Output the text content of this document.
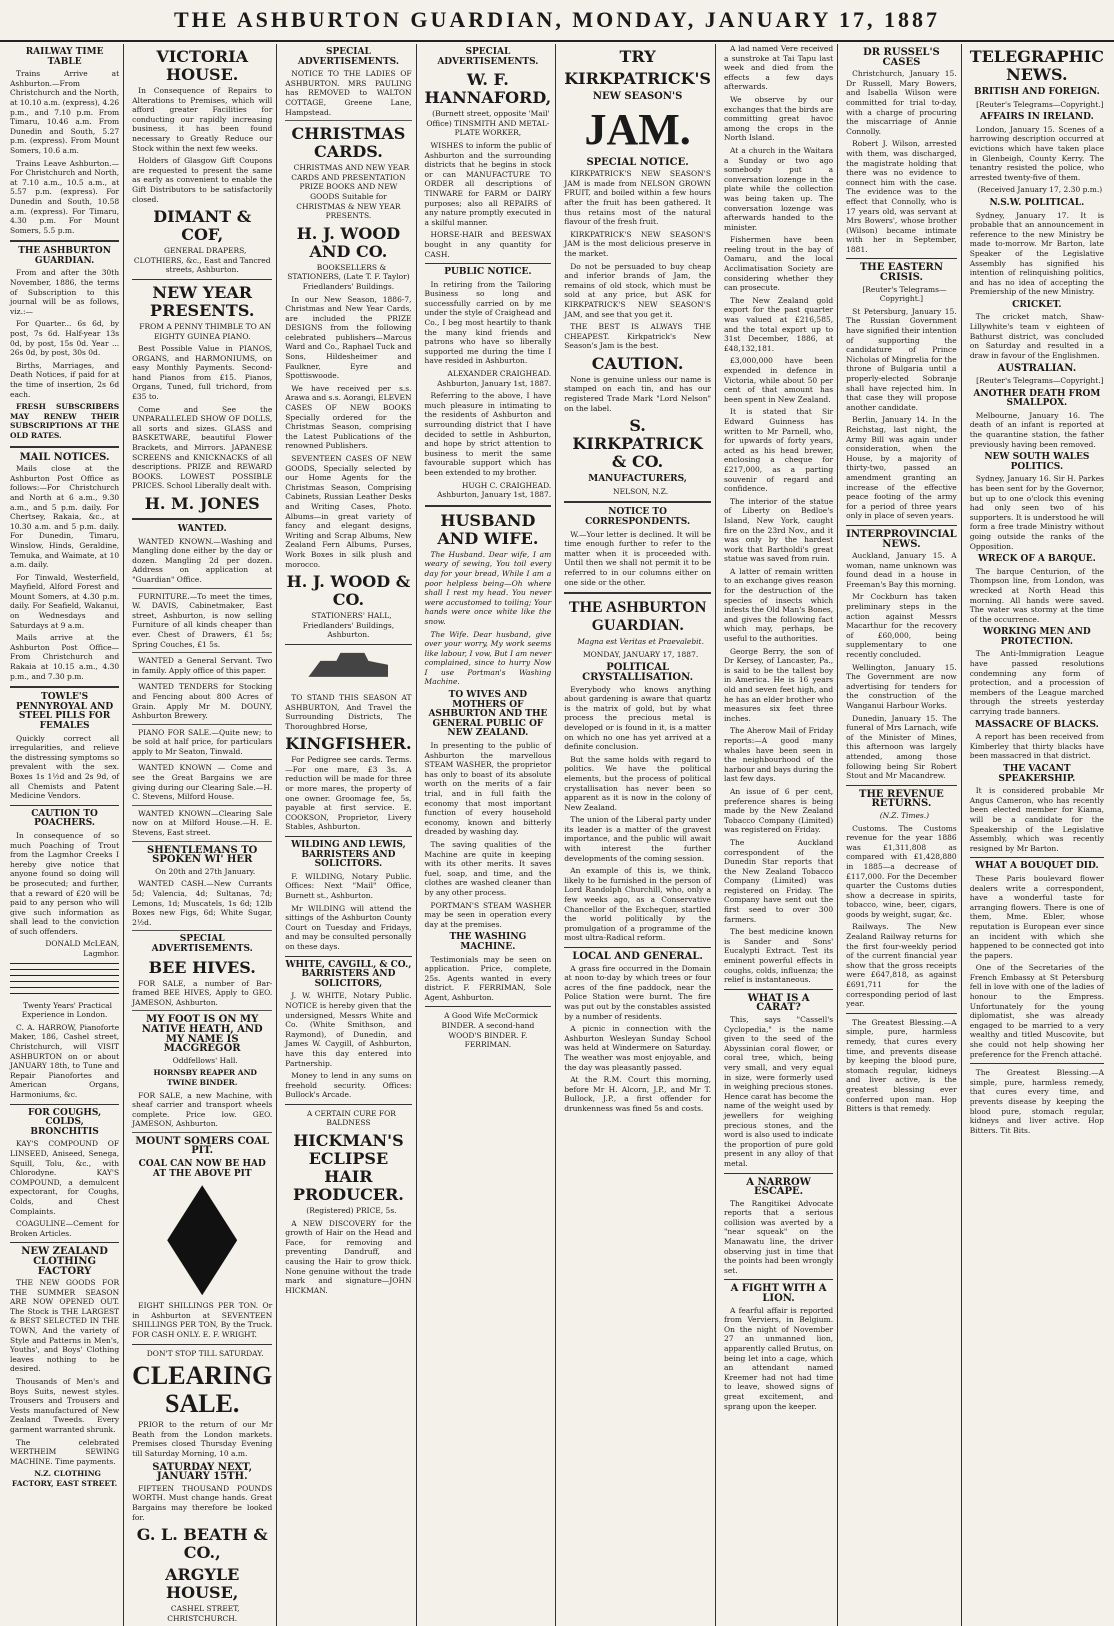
THE ASHBURTON GUARDIAN, MONDAY, JANUARY 17, 1887
RAILWAY TIME TABLE

Trains Arrive at Ashburton.—From Christchurch and the North, at 10.10 a.m. (express), 4.26 p.m., and 7.10 p.m. From Timaru, 10.46 a.m. From Dunedin and South, 5.27 p.m. (express). From Mount Somers, 10.6 a.m.

Trains Leave Ashburton.—For Christchurch and North, at 7.10 a.m., 10.5 a.m., at 5.57 p.m. (express). For Dunedin and South, 10.58 a.m. (express). For Timaru, 4.30 p.m. For Mount Somers, 5.5 p.m.

THE ASHBURTON GUARDIAN.

From and after the 30th November, 1886, the terms of Subscription to this journal will be as follows, viz.:—

For Quarter... 6s 6d, by post, 7s 6d. Half-year 13s 0d, by post, 15s 0d. Year ... 26s 0d, by post, 30s 0d.

Births, Marriages, and Death Notices, if paid for at the time of insertion, 2s 6d each.

FRESH SUBSCRIBERS MAY RENEW THEIR SUBSCRIPTIONS AT THE OLD RATES.

MAIL NOTICES.

Mails close at the Ashburton Post Office as follows:—For Christchurch and North at 6 a.m., 9.30 a.m., and 5 p.m. daily. For Chertsey, Rakaia, &c., at 10.30 a.m. and 5 p.m. daily. For Dunedin, Timaru, Winslow, Hinds, Geraldine, Temuka, and Waimate, at 10 a.m. daily.

For Tinwald, Westerfield, Mayfield, Alford Forest and Mount Somers, at 4.30 p.m. daily. For Seafield, Wakanui, on Wednesdays and Saturdays at 9 a.m.

Mails arrive at the Ashburton Post Office—From Christchurch and Rakaia at 10.15 a.m., 4.30 p.m., and 7.30 p.m.

TOWLE'S PENNYROYAL AND STEEL PILLS FOR FEMALES

Quickly correct all irregularities, and relieve the distressing symptoms so prevalent with the sex. Boxes 1s 1½d and 2s 9d, of all Chemists and Patent Medicine Vendors.

CAUTION TO POACHERS.

In consequence of so much Poaching of Trout from the Lagmhor Creeks I hereby give notice that anyone found so doing will be prosecuted; and further, that a reward of £20 will be paid to any person who will give such information as shall lead to the conviction of such offenders.

DONALD McLEAN, Lagmhor.

Twenty Years' Practical Experience in London.

C. A. HARROW, Pianoforte Maker, 186, Cashel street, Christchurch, will VISIT ASHBURTON on or about JANUARY 18th, to Tune and Repair Pianofortes and American Organs, Harmoniums, &c.

FOR COUGHS, COLDS, BRONCHITIS

KAY'S COMPOUND OF LINSEED, Aniseed, Senega, Squill, Tolu, &c., with Chlorodyne. KAY'S COMPOUND, a demulcent expectorant, for Coughs, Colds, and Chest Complaints.

COAGULINE—Cement for Broken Articles.

NEW ZEALAND CLOTHING FACTORY

THE NEW GOODS FOR THE SUMMER SEASON ARE NOW OPENED OUT. The Stock is THE LARGEST & BEST SELECTED IN THE TOWN, And the variety of Style and Patterns in Men's, Youths', and Boys' Clothing leaves nothing to be desired.

Thousands of Men's and Boys Suits, newest styles. Trousers and Trousers and Vests manufactured of New Zealand Tweeds. Every garment warranted shrunk.

The celebrated WERTHEIM SEWING MACHINE. Time payments.

N.Z. CLOTHING FACTORY, EAST STREET.

VICTORIA HOUSE.

In Consequence of Repairs to Alterations to Premises, which will afford greater Facilities for conducting our rapidly increasing business, it has been found necessary to Greatly Reduce our Stock within the next few weeks.

Holders of Glasgow Gift Coupons are requested to present the same as early as convenient to enable the Gift Distributors to be satisfactorily closed.

DIMANT & COF,

GENERAL DRAPERS, CLOTHIERS, &c., East and Tancred streets, Ashburton.

NEW YEAR PRESENTS.

FROM A PENNY THIMBLE TO AN EIGHTY GUINEA PIANO.

Best Possible Value in PIANOS, ORGANS, and HARMONIUMS, on easy Monthly Payments. Second-hand Pianos from £15. Pianos, Organs, Tuned, full trichord, from £35 to.

Come and See the UNPARALLELED SHOW OF DOLLS, all sorts and sizes. GLASS and BASKETWARE, beautiful Flower Brackets, and Mirrors. JAPANESE SCREENS and KNICKNACKS of all descriptions. PRIZE and REWARD BOOKS. LOWEST POSSIBLE PRICES. School Liberally dealt with.

H. M. JONES
WANTED.

WANTED KNOWN.—Washing and Mangling done either by the day or dozen. Mangling 2d per dozen. Address on application at "Guardian" Office.

FURNITURE.—To meet the times, W. DAVIS, Cabinetmaker, East street, Ashburton, is now selling Furniture of all kinds cheaper than ever. Chest of Drawers, £1 5s; Spring Couches, £1 5s.

WANTED a General Servant. Two in family. Apply office of this paper.

WANTED TENDERS for Stocking and Fencing about 800 Acres of Grain. Apply Mr M. DOUNY, Ashburton Brewery.

PIANO FOR SALE.—Quite new; to be sold at half price, for particulars apply to Mr Seaton, Tinwald.

WANTED KNOWN — Come and see the Great Bargains we are giving during our Clearing Sale.—H. C. Stevens, Milford House.

WANTED KNOWN—Clearing Sale now on at Milford House.—H. E. Stevens, East street.

SHENTLEMANS TO SPOKEN WI' HER

On 20th and 27th January.

WANTED CASH.—New Currants 5d; Valencia, 4d; Sultanas, 7d; Lemons, 1d; Muscatels, 1s 6d; 12lb Boxes new Figs, 6d; White Sugar, 2½d.

SPECIAL ADVERTISEMENTS.
BEE HIVES.

FOR SALE, a number of Bar-framed BEE HIVES, Apply to GEO. JAMESON, Ashburton.

MY FOOT IS ON MY NATIVE HEATH, AND MY NAME IS MACGREGOR

Oddfellows' Hall.

HORNSBY REAPER AND TWINE BINDER.

FOR SALE, a new Machine, with sheaf carrier and transport wheels complete. Price low. GEO. JAMESON, Ashburton.

MOUNT SOMERS COAL PIT.
COAL CAN NOW BE HAD AT THE ABOVE PIT

EIGHT SHILLINGS PER TON. Or in Ashburton at SEVENTEEN SHILLINGS PER TON, By the Truck. FOR CASH ONLY. E. F. WRIGHT.

DON'T STOP TILL SATURDAY.

CLEARING SALE.

PRIOR to the return of our Mr Beath from the London markets. Premises closed Thursday Evening till Saturday Morning, 10 a.m.

SATURDAY NEXT, JANUARY 15TH.

FIFTEEN THOUSAND POUNDS WORTH. Must change hands. Great Bargains may therefore be looked for.

G. L. BEATH & CO.,
ARGYLE HOUSE,

CASHEL STREET, CHRISTCHURCH.

SPECIAL ADVERTISEMENTS.

NOTICE TO THE LADIES OF ASHBURTON. MRS PAULING has REMOVED to WALTON COTTAGE, Greene Lane, Hampstead.

CHRISTMAS CARDS.

CHRISTMAS AND NEW YEAR CARDS AND PRESENTATION PRIZE BOOKS AND NEW GOODS Suitable for CHRISTMAS & NEW YEAR PRESENTS.

H. J. WOOD AND CO.

BOOKSELLERS & STATIONERS, (Late T. F. Taylor) Friedlanders' Buildings.

In our New Season, 1886-7, Christmas and New Year Cards, are included the PRIZE DESIGNS from the following celebrated publishers—Marcus Ward and Co., Raphael Tuck and Sons, Hildesheimer and Faulkner, Eyre and Spottiswoode.

We have received per s.s. Arawa and s.s. Aorangi, ELEVEN CASES OF NEW BOOKS Specially ordered for the Christmas Season, comprising the Latest Publications of the renowned Publishers.

SEVENTEEN CASES OF NEW GOODS, Specially selected by our Home Agents for the Christmas Season, Comprising Cabinets, Russian Leather Desks and Writing Cases, Photo. Albums—in great variety of fancy and elegant designs, Writing and Scrap Albums, New Zealand Fern Albums, Purses, Work Boxes in silk plush and morocco.

H. J. WOOD & CO.

STATIONERS' HALL, Friedlanders' Buildings, Ashburton.

TO STAND THIS SEASON AT ASHBURTON, And Travel the Surrounding Districts, The Thoroughbred Horse,

KINGFISHER.

For Pedigree see cards. Terms.—For one mare, £3 3s. A reduction will be made for three or more mares, the property of one owner. Groomage fee, 5s, payable at first service. E. COOKSON, Proprietor, Livery Stables, Ashburton.

WILDING AND LEWIS, BARRISTERS AND SOLICITORS.

F. WILDING, Notary Public. Offices: Next "Mail" Office, Burnett st., Ashburton.

Mr WILDING will attend the sittings of the Ashburton County Court on Tuesday and Fridays, and may be consulted personally on these days.

WHITE, CAVGILL, & CO., BARRISTERS AND SOLICITORS,

J. W. WHITE, Notary Public. NOTICE is hereby given that the undersigned, Messrs White and Co. (White Smithson, and Raymond), of Dunedin, and James W. Caygill, of Ashburton, have this day entered into Partnership.

Money to lend in any sums on freehold security. Offices: Bullock's Arcade.

A CERTAIN CURE FOR BALDNESS

HICKMAN'S ECLIPSE HAIR PRODUCER.

(Registered) PRICE, 5s.

A NEW DISCOVERY for the growth of Hair on the Head and Face, for removing and preventing Dandruff, and causing the Hair to grow thick. None genuine without the trade mark and signature—JOHN HICKMAN.

SPECIAL ADVERTISEMENTS.
W. F. HANNAFORD,

(Burnett street, opposite 'Mail' Office) TINSMITH AND METAL-PLATE WORKER,

WISHES to inform the public of Ashburton and the surrounding districts that he begins in stock or can MANUFACTURE TO ORDER all descriptions of TINWARE for FARM or DAIRY purposes; also all REPAIRS of any nature promptly executed in a skilful manner.

HORSE-HAIR and BEESWAX bought in any quantity for CASH.

PUBLIC NOTICE.

In retiring from the Tailoring Business so long and successfully carried on by me under the style of Craighead and Co., I beg most heartily to thank the many kind friends and patrons who have so liberally supported me during the time I have resided in Ashburton.

ALEXANDER CRAIGHEAD. Ashburton, January 1st, 1887.

Referring to the above, I have much pleasure in intimating to the residents of Ashburton and surrounding district that I have decided to settle in Ashburton, and hope by strict attention to business to merit the same favourable support which has been extended to my brother.

HUGH C. CRAIGHEAD. Ashburton, January 1st, 1887.

HUSBAND AND WIFE.

The Husband. Dear wife, I am weary of sewing, You toil every day for your bread, While I am a poor helpless being—Oh where shall I rest my head. You never were accustomed to toiling; Your hands were once white like the snow.

The Wife. Dear husband, give over your worry, My work seems like labour, I vow, But I am never complained, since to hurry Now I use Portman's Washing Machine.

TO WIVES AND MOTHERS OF ASHBURTON AND THE GENERAL PUBLIC OF NEW ZEALAND.

In presenting to the public of Ashburton the marvellous STEAM WASHER, the proprietor has only to boast of its absolute worth on the merits of a fair trial, and in full faith the economy that most important function of every household economy, known and bitterly dreaded by washing day.

The saving qualities of the Machine are quite in keeping with its other merits. It saves fuel, soap, and time, and the clothes are washed cleaner than by any other process.

PORTMAN'S STEAM WASHER may be seen in operation every day at the premises.

THE WASHING MACHINE.

Testimonials may be seen on application. Price, complete, 25s. Agents wanted in every district. F. FERRIMAN, Sole Agent, Ashburton.

A Good Wife McCormick BINDER. A second-hand WOOD'S BINDER. F. FERRIMAN.

TRY
KIRKPATRICK'S
NEW SEASON'S
JAM.
SPECIAL NOTICE.

KIRKPATRICK'S NEW SEASON'S JAM is made from NELSON GROWN FRUIT, and boiled within a few hours after the fruit has been gathered. It thus retains most of the natural flavour of the fresh fruit.

KIRKPATRICK'S NEW SEASON'S JAM is the most delicious preserve in the market.

Do not be persuaded to buy cheap and inferior brands of Jam, the remains of old stock, which must be sold at any price, but ASK for KIRKPATRICK'S NEW SEASON'S JAM, and see that you get it.

THE BEST IS ALWAYS THE CHEAPEST. Kirkpatrick's New Season's Jam is the best.

CAUTION.

None is genuine unless our name is stamped on each tin, and has our registered Trade Mark "Lord Nelson" on the label.

S. KIRKPATRICK & CO.
MANUFACTURERS,

NELSON, N.Z.

NOTICE TO CORRESPONDENTS.

W.—Your letter is declined. It will be time enough further to refer to the matter when it is proceeded with. Until then we shall not permit it to be referred to in our columns either on one side or the other.

THE ASHBURTON GUARDIAN.

Magna est Veritas et Praevalebit.

MONDAY, JANUARY 17, 1887.

POLITICAL CRYSTALLISATION.

Everybody who knows anything about gardening is aware that quartz is the matrix of gold, but by what process the precious metal is developed or is found in it, is a matter on which no one has yet arrived at a definite conclusion.

But the same holds with regard to politics. We have the political elements, but the process of political crystallisation has never been so apparent as it is now in the colony of New Zealand.

The union of the Liberal party under its leader is a matter of the gravest importance, and the public will await with interest the further developments of the coming session.

An example of this is, we think, likely to be furnished in the person of Lord Randolph Churchill, who, only a few weeks ago, as a Conservative Chancellor of the Exchequer, startled the world politically by the promulgation of a programme of the most ultra-Radical reform.

LOCAL AND GENERAL.

A grass fire occurred in the Domain at noon to-day by which trees or four acres of the fine paddock, near the Police Station were burnt. The fire was put out by the constables assisted by a number of residents.

A picnic in connection with the Ashburton Wesleyan Sunday School was held at Windermere on Saturday. The weather was most enjoyable, and the day was pleasantly passed.

At the R.M. Court this morning, before Mr H. Alcorn, J.P., and Mr T. Bullock, J.P., a first offender for drunkenness was fined 5s and costs.

A lad named Vere received a sunstroke at Tai Tapu last week and died from the effects a few days afterwards.

We observe by our exchanges that the birds are committing great havoc among the crops in the North Island.

At a church in the Waitara a Sunday or two ago somebody put a conversation lozenge in the plate while the collection was being taken up. The conversation lozenge was afterwards handed to the minister.

Fishermen have been reeling trout in the bay of Oamaru, and the local Acclimatisation Society are considering whether they can prosecute.

The New Zealand gold export for the past quarter was valued at £216,585, and the total export up to 31st December, 1886, at £48,132,181.

£3,000,000 have been expended in defence in Victoria, while about 50 per cent of that amount has been spent in New Zealand.

It is stated that Sir Edward Guinness has written to Mr Parnell, who, for upwards of forty years, acted as his head brewer, enclosing a cheque for £217,000, as a parting souvenir of regard and confidence.

The interior of the statue of Liberty on Bedloe's Island, New York, caught fire on the 23rd Nov., and it was only by the hardest work that Bartholdi's great statue was saved from ruin.

A latter of remain written to an exchange gives reason for the destruction of the species of insects which infests the Old Man's Bones, and gives the following fact which may, perhaps, be useful to the authorities.

George Berry, the son of Dr Kersey, of Lancaster, Pa., is said to be the tallest boy in America. He is 16 years old and seven feet high, and he has an elder brother who measures six feet three inches.

The Aherow Mail of Friday reports:—A good many whales have been seen in the neighbourhood of the harbour and bays during the last few days.

An issue of 6 per cent, preference shares is being made by the New Zealand Tobacco Company (Limited) was registered on Friday.

The Auckland correspondent of the Dunedin Star reports that the New Zealand Tobacco Company (Limited) was registered on Friday. The Company have sent out the first seed to over 300 farmers.

The best medicine known is Sander and Sons' Eucalypti Extract. Test its eminent powerful effects in coughs, colds, influenza; the relief is instantaneous.

WHAT IS A CARAT?

This, says "Cassell's Cyclopedia," is the name given to the seed of the Abyssinian coral flower, or coral tree, which, being very small, and very equal in size, were formerly used in weighing precious stones. Hence carat has become the name of the weight used by jewellers for weighing precious stones, and the word is also used to indicate the proportion of pure gold present in any alloy of that metal.

A NARROW ESCAPE.

The Rangitikei Advocate reports that a serious collision was averted by a "near squeak" on the Manawatu line, the driver observing just in time that the points had been wrongly set.

A FIGHT WITH A LION.

A fearful affair is reported from Verviers, in Belgium. On the night of November 27 an unmanned lion, apparently called Brutus, on being let into a cage, which an attendant named Kreemer had not had time to leave, showed signs of great excitement, and sprang upon the keeper.

DR RUSSEL'S CASES

Christchurch, January 15. Dr Russell, Mary Bowers, and Isabella Wilson were committed for trial to-day, with a charge of procuring the miscarriage of Annie Connolly.

Robert J. Wilson, arrested with them, was discharged, the magistrate holding that there was no evidence to connect him with the case. The evidence was to the effect that Connolly, who is 17 years old, was servant at Mrs Bowers', whose brother (Wilson) became intimate with her in September, 1881.

THE EASTERN CRISIS.

[Reuter's Telegrams—Copyright.]

St Petersburg, January 15. The Russian Government have signified their intention of supporting the candidature of Prince Nicholas of Mingrelia for the throne of Bulgaria until a properly-elected Sobranje shall have rejected him. In that case they will propose another candidate.

Berlin, January 14. In the Reichstag, last night, the Army Bill was again under consideration, when the House, by a majority of thirty-two, passed an amendment granting an increase of the effective peace footing of the army for a period of three years only in place of seven years.

INTERPROVINCIAL NEWS.

Auckland, January 15. A woman, name unknown was found dead in a house in Freeman's Bay this morning.

Mr Cockburn has taken preliminary steps in the action against Messrs Macarthur for the recovery of £60,000, being supplementary to one recently concluded.

Wellington, January 15. The Government are now advertising for tenders for the construction of the Wanganui Harbour Works.

Dunedin, January 15. The funeral of Mrs Larnach, wife of the Minister of Mines, this afternoon was largely attended, among those following being Sir Robert Stout and Mr Macandrew.

THE REVENUE RETURNS.

(N.Z. Times.)

Customs. The Customs revenue for the year 1886 was £1,311,808 as compared with £1,428,880 in 1885—a decrease of £117,000. For the December quarter the Customs duties show a decrease in spirits, tobacco, wine, beer, cigars, goods by weight, sugar, &c.

Railways. The New Zealand Railway returns for the first four-weekly period of the current financial year show that the gross receipts were £647,818, as against £691,711 for the corresponding period of last year.

The Greatest Blessing.—A simple, pure, harmless remedy, that cures every time, and prevents disease by keeping the blood pure, stomach regular, kidneys and liver active, is the greatest blessing ever conferred upon man. Hop Bitters is that remedy.

TELEGRAPHIC NEWS.
BRITISH AND FOREIGN.

[Reuter's Telegrams—Copyright.]

AFFAIRS IN IRELAND.

London, January 15. Scenes of a harrowing description occurred at evictions which have taken place in Glenbeigh, County Kerry. The tenantry resisted the police, who arrested twenty-five of them.

(Received January 17, 2.30 p.m.)

N.S.W. POLITICAL.

Sydney, January 17. It is probable that an announcement in reference to the new Ministry be made to-morrow. Mr Barton, late Speaker of the Legislative Assembly has signified his intention of relinquishing politics, and has no idea of accepting the Premiership of the new Ministry.

CRICKET.

The cricket match, Shaw-Lillywhite's team v eighteen of Bathurst district, was concluded on Saturday and resulted in a draw in favour of the Englishmen.

AUSTRALIAN.

[Reuter's Telegrams—Copyright.]

ANOTHER DEATH FROM SMALLPOX.

Melbourne, January 16. The death of an infant is reported at the quarantine station, the father previously having been removed.

NEW SOUTH WALES POLITICS.

Sydney, January 16. Sir H. Parkes has been sent for by the Governor, but up to one o'clock this evening had only seen two of his supporters. It is understood he will form a free trade Ministry without going outside the ranks of the Opposition.

WRECK OF A BARQUE.

The barque Centurion, of the Thompson line, from London, was wrecked at North Head this morning. All hands were saved. The water was stormy at the time of the occurrence.

WORKING MEN AND PROTECTION.

The Anti-Immigration League have passed resolutions condemning any form of protection, and a procession of members of the League marched through the streets yesterday carrying trade banners.

MASSACRE OF BLACKS.

A report has been received from Kimberley that thirty blacks have been massacred in that district.

THE VACANT SPEAKERSHIP.

It is considered probable Mr Angus Cameron, who has recently been elected member for Kiama, will be a candidate for the Speakership of the Legislative Assembly, which was recently resigned by Mr Barton.

WHAT A BOUQUET DID.

These Paris boulevard flower dealers write a correspondent, have a wonderful taste for arranging flowers. There is one of them, Mme. Ebler, whose reputation is European ever since an incident with which she happened to be connected got into the papers.

One of the Secretaries of the French Embassy at St Petersburg fell in love with one of the ladies of honour to the Empress. Unfortunately for the young diplomatist, she was already engaged to be married to a very wealthy and titled Muscovite, but she could not help showing her preference for the French attaché.

The Greatest Blessing.—A simple, pure, harmless remedy, that cures every time, and prevents disease by keeping the blood pure, stomach regular, kidneys and liver active. Hop Bitters. Tit Bits.
